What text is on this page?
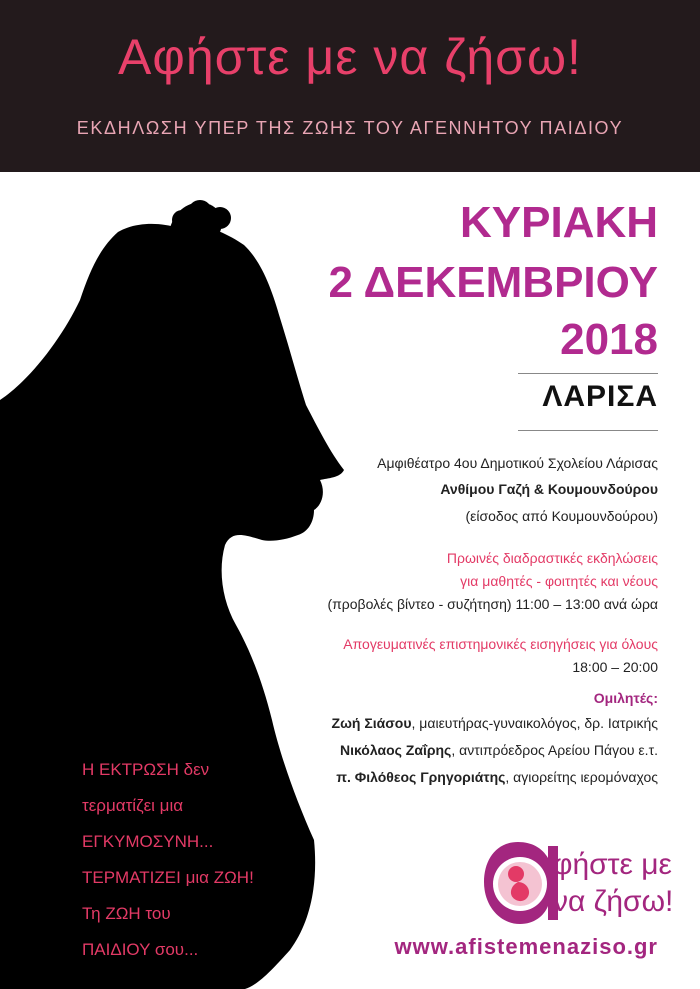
Αφήστε με να ζήσω!
ΕΚΔΗΛΩΣΗ ΥΠΕΡ ΤΗΣ ΖΩΗΣ ΤΟΥ ΑΓΕΝΝΗΤΟΥ ΠΑΙΔΙΟΥ
ΚΥΡΙΑΚΗ
2 ΔΕΚΕΜΒΡΙΟΥ
2018
ΛΑΡΙΣΑ
Αμφιθέατρο 4ου Δημοτικού Σχολείου Λάρισας
Ανθίμου Γαζή & Κουμουνδούρου
(είσοδος από Κουμουνδούρου)
Πρωινές διαδραστικές εκδηλώσεις
για μαθητές - φοιτητές και νέους
(προβολές βίντεο - συζήτηση) 11:00 – 13:00 ανά ώρα
Απογευματινές επιστημονικές εισηγήσεις για όλους
18:00 – 20:00
Ομιλητές:
Ζωή Σιάσου, μαιευτήρας-γυναικολόγος, δρ. Ιατρικής
Νικόλαος Ζαΐρης, αντιπρόεδρος Αρείου Πάγου ε.τ.
π. Φιλόθεος Γρηγοριάτης, αγιορείτης ιερομόναχος
Η ΕΚΤΡΩΣΗ δεν
τερματίζει μια
ΕΓΚΥΜΟΣΥΝΗ...
ΤΕΡΜΑΤΙΖΕΙ μια ΖΩΗ!
Τη ΖΩΗ του
ΠΑΙΔΙΟΥ σου...
φήστε με
να ζήσω!
www.afistemenaziso.gr
